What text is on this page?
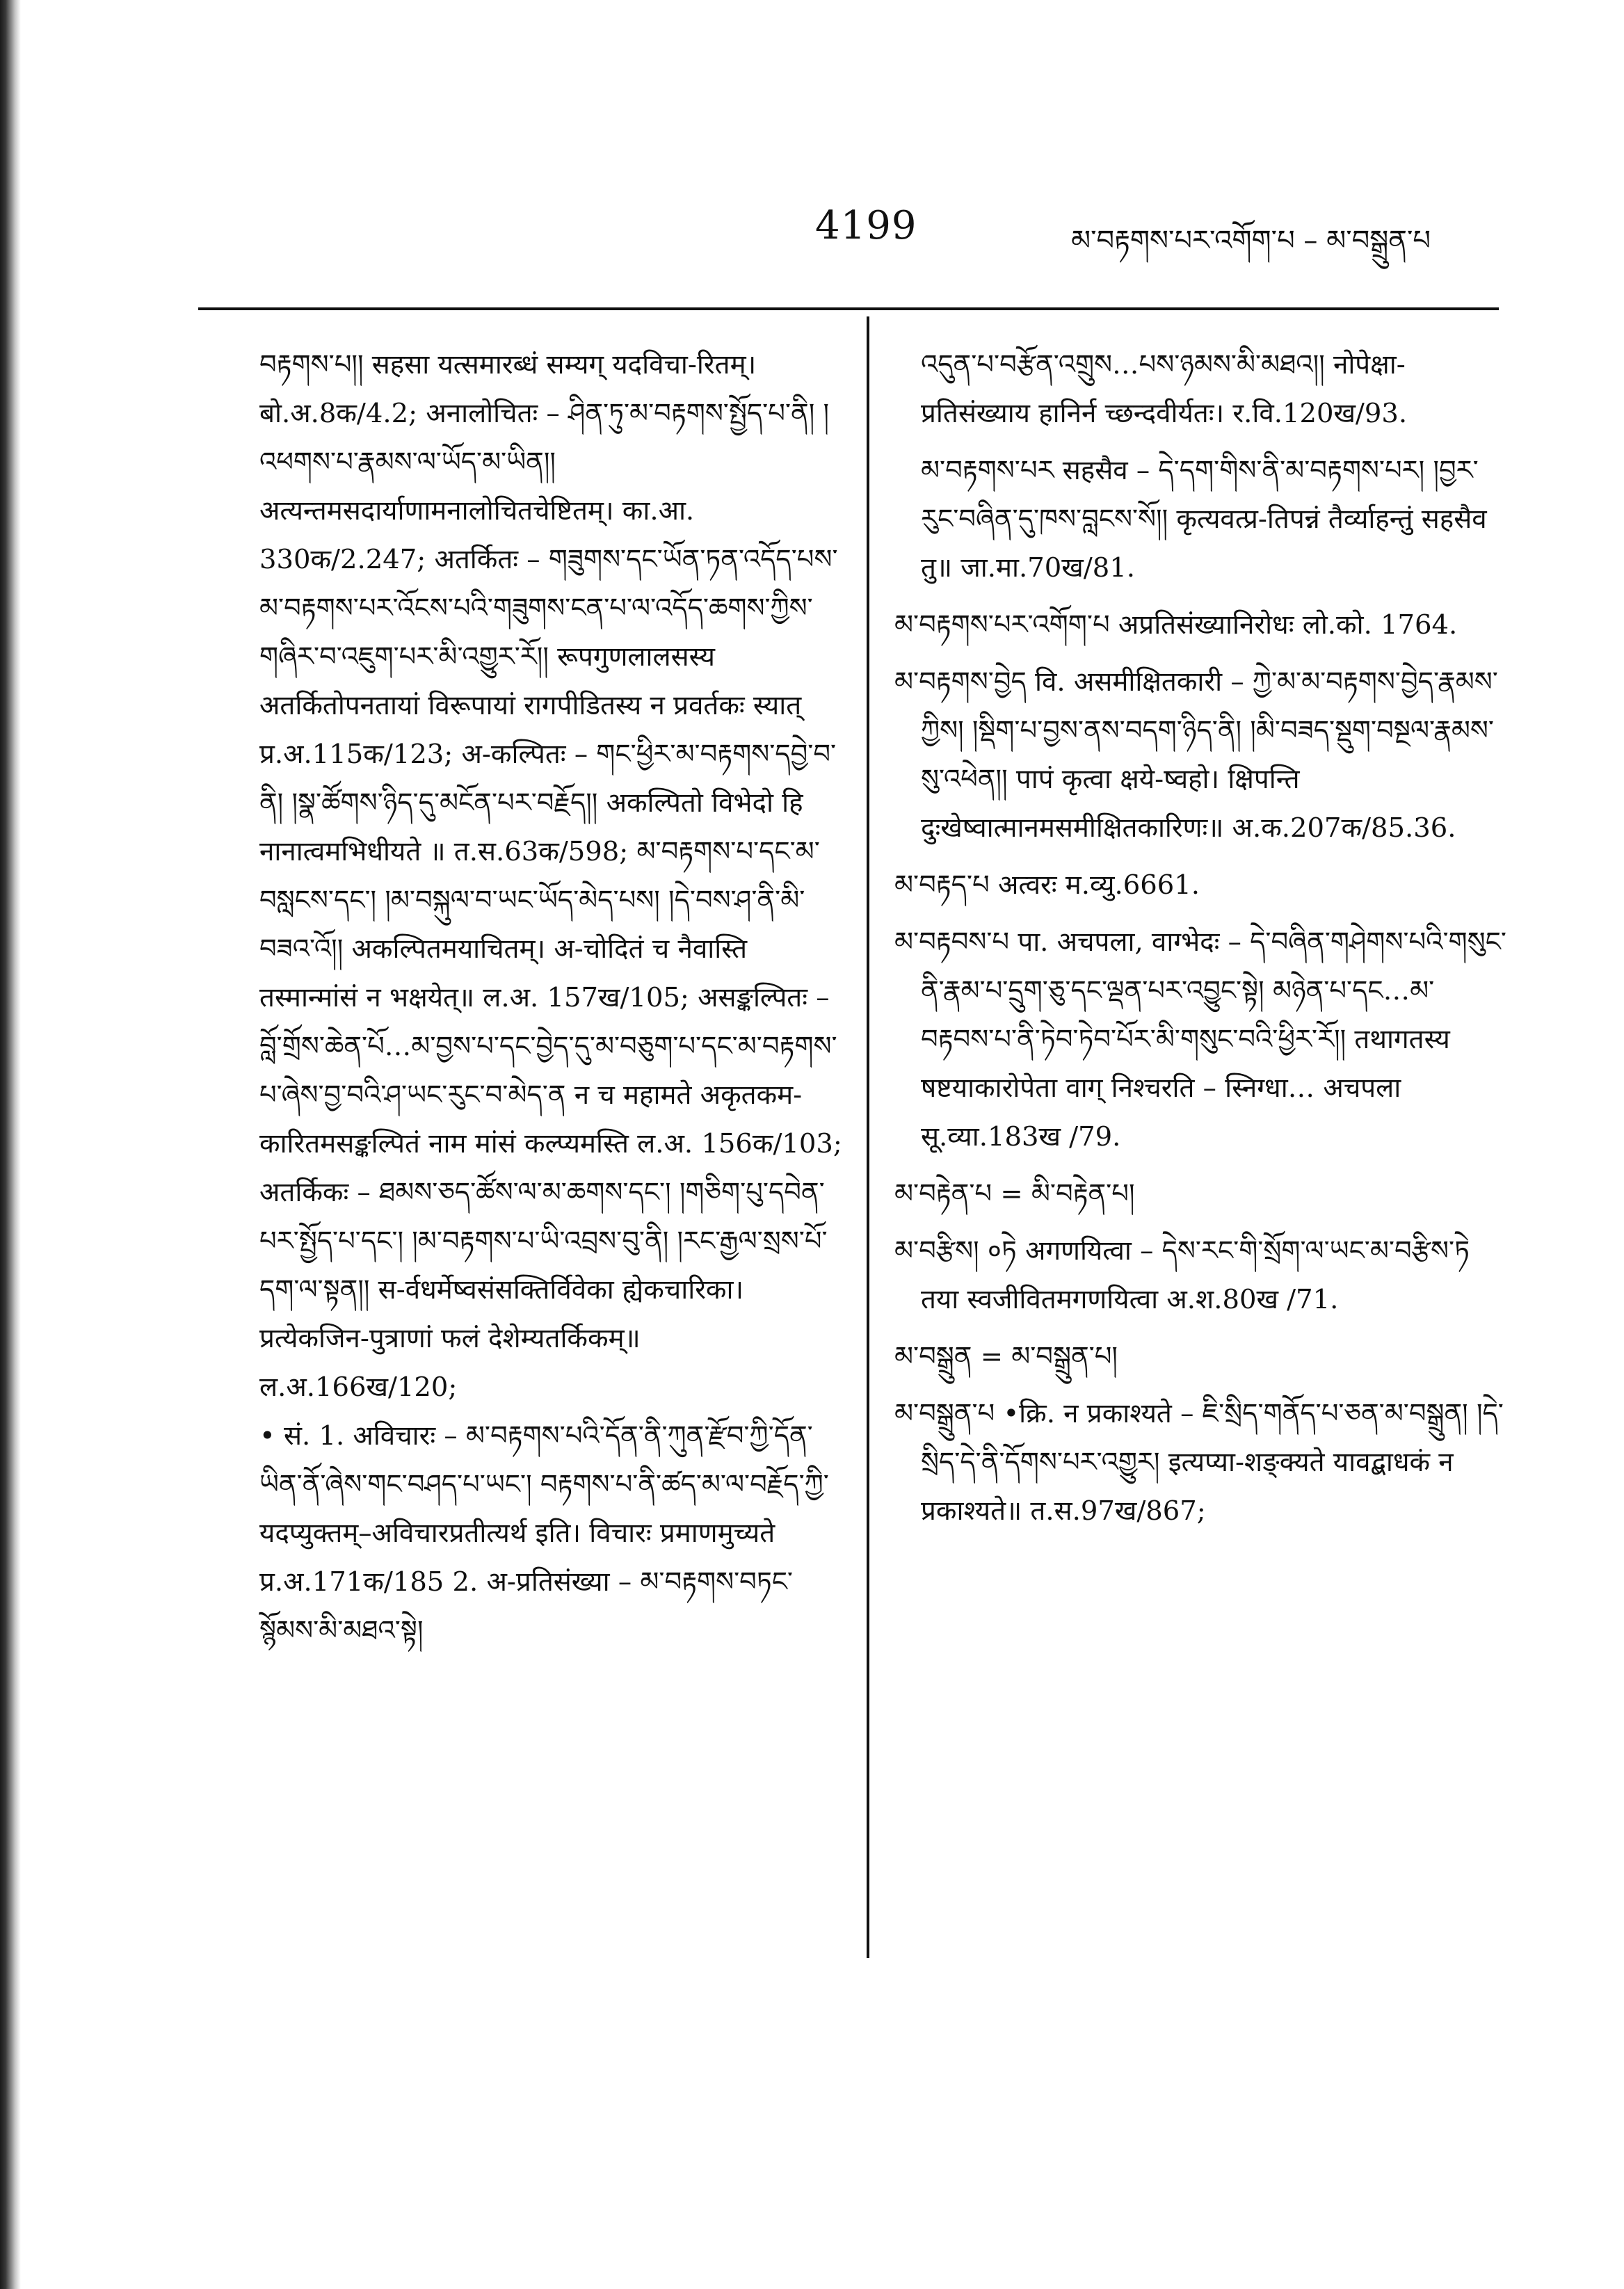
4199	མ་བརྟགས་པར་འགོག་པ – མ་བསྒྲུན་པ

བརྟགས་པ།། सहसा यत्समारब्धं सम्यग् यदविचा-रितम्। बो.अ.8क/4.2; अनालोचितः – ཤིན་ཏུ་མ་བརྟགས་སྤྱོད་པ་ནི། །འཕགས་པ་རྣམས་ལ་ཡོད་མ་ཡིན།། अत्यन्तमसदार्याणामनालोचितचेष्टितम्। का.आ. 330क/2.247; अतर्कितः – གཟུགས་དང་ཡོན་ཏན་འདོད་པས་མ་བརྟགས་པར་འོངས་པའི་གཟུགས་ངན་པ་ལ་འདོད་ཆགས་ཀྱིས་གཞིར་བ་འཇུག་པར་མི་འགྱུར་རོ།། रूपगुणलालसस्य अतर्कितोपनतायां विरूपायां रागपीडितस्य न प्रवर्तकः स्यात् प्र.अ.115क/123; अ-कल्पितः – གང་ཕྱིར་མ་བརྟགས་དབྱེ་བ་ནི། །སྣ་ཚོགས་ཉིད་དུ་མངོན་པར་བརྗོད།། अकल्पितो विभेदो हि नानात्वमभिधीयते ॥ त.स.63क/598; མ་བརྟགས་པ་དང་མ་བསླངས་དང་། །མ་བསྐུལ་བ་ཡང་ཡོད་མེད་པས། །དེ་བས་ཤ་ནི་མི་བཟའ་འོ།། अकल्पितमयाचितम्। अ-चोदितं च नैवास्ति तस्मान्मांसं न भक्षयेत्॥ ल.अ. 157ख/105; असङ्कल्पितः – བློ་གྲོས་ཆེན་པོ…མ་བྱས་པ་དང་བྱེད་དུ་མ་བཅུག་པ་དང་མ་བརྟགས་པ་ཞེས་བྱ་བའི་ཤ་ཡང་རུང་བ་མེད་ན न च महामते अकृतकम-कारितमसङ्कल्पितं नाम मांसं कल्प्यमस्ति ल.अ. 156क/103; अतर्किकः – ཐམས་ཅད་ཚོས་ལ་མ་ཆགས་དང་། །གཅིག་པུ་དབེན་པར་སྤྱོད་པ་དང་། །མ་བརྟགས་པ་ཡི་འབྲས་བུ་ནི། །རང་རྒྱལ་སྲས་པོ་དག་ལ་སྟན།། स-र्वधर्मेष्वसंसक्तिर्विवेका ह्येकचारिका। प्रत्येकजिन-पुत्राणां फलं देशेम्यतर्किकम्॥ ल.अ.166ख/120;

• सं. 1. अविचारः – མ་བརྟགས་པའི་དོན་ནི་ཀུན་རྫོབ་ཀྱི་དོན་ཡིན་ནོ་ཞེས་གང་བཤད་པ་ཡང་། བརྟགས་པ་ནི་ཚད་མ་ལ་བརྗོད་ཀྱི་ यदप्युक्तम्–अविचारप्रतीत्यर्थ इति। विचारः प्रमाणमुच्यते प्र.अ.171क/185 2. अ-प्रतिसंख्या – མ་བརྟགས་བཏང་སྙོམས་མི་མཐའ་སྟེ།

འདུན་པ་བརྩོན་འགྲུས…པས་ཉམས་མི་མཐའ།། नोपेक्षा-प्रतिसंख्याय हानिर्न च्छन्दवीर्यतः। र.वि.120ख/93.

མ་བརྟགས་པར सहसैव – དེ་དག་གིས་ནི་མ་བརྟགས་པར། །བྱར་རུང་བཞིན་དུ་ཁས་བླངས་སོ།། कृत्यवत्प्र-तिपन्नं तैर्व्याहन्तुं सहसैव तु॥ जा.मा.70ख/81.

མ་བརྟགས་པར་འགོག་པ अप्रतिसंख्यानिरोधः लो.को. 1764.

མ་བརྟགས་བྱེད वि. असमीक्षितकारी – ཀྱེ་མ་མ་བརྟགས་བྱེད་རྣམས་ཀྱིས། །སྡིག་པ་བྱས་ནས་བདག་ཉིད་ནི། །མི་བཟད་སྡུག་བསྔལ་རྣམས་སུ་འཕེན།། पापं कृत्वा क्षये-ष्वहो। क्षिपन्ति दुःखेष्वात्मानमसमीक्षितकारिणः॥ अ.क.207क/85.36.

མ་བརྟད་པ अत्वरः म.व्यु.6661.

མ་བརྟབས་པ पा. अचपला, वाग्भेदः – དེ་བཞིན་གཤེགས་པའི་གསུང་ནི་རྣམ་པ་དྲུག་ཅུ་དང་ལྡན་པར་འབྱུང་སྟེ། མཉེན་པ་དང…མ་བརྟབས་པ་ནི་ཏེབ་ཏེབ་པོར་མི་གསུང་བའི་ཕྱིར་རོ།། तथागतस्य षष्टयाकारोपेता वाग् निश्चरति – स्निग्धा… अचपला सू.व्या.183ख /79.

མ་བརྟེན་པ = མི་བརྟེན་པ།

མ་བརྩིས། ०ཏེ अगणयित्वा – དེས་རང་གི་སྲོག་ལ་ཡང་མ་བརྩིས་ཏེ तया स्वजीवितमगणयित्वा अ.श.80ख /71.

མ་བསྒྲུན = མ་བསྒྲུན་པ།

མ་བསྒྲུན་པ •क्रि. न प्रकाश्यते – ཇི་སྲིད་གནོད་པ་ཅན་མ་བསྒྲུན། །དེ་སྲིད་དེ་ནི་དོགས་པར་འགྱུར། इत्यप्या-शङ्क्यते यावद्बाधकं न प्रकाश्यते॥ त.स.97ख/867;
